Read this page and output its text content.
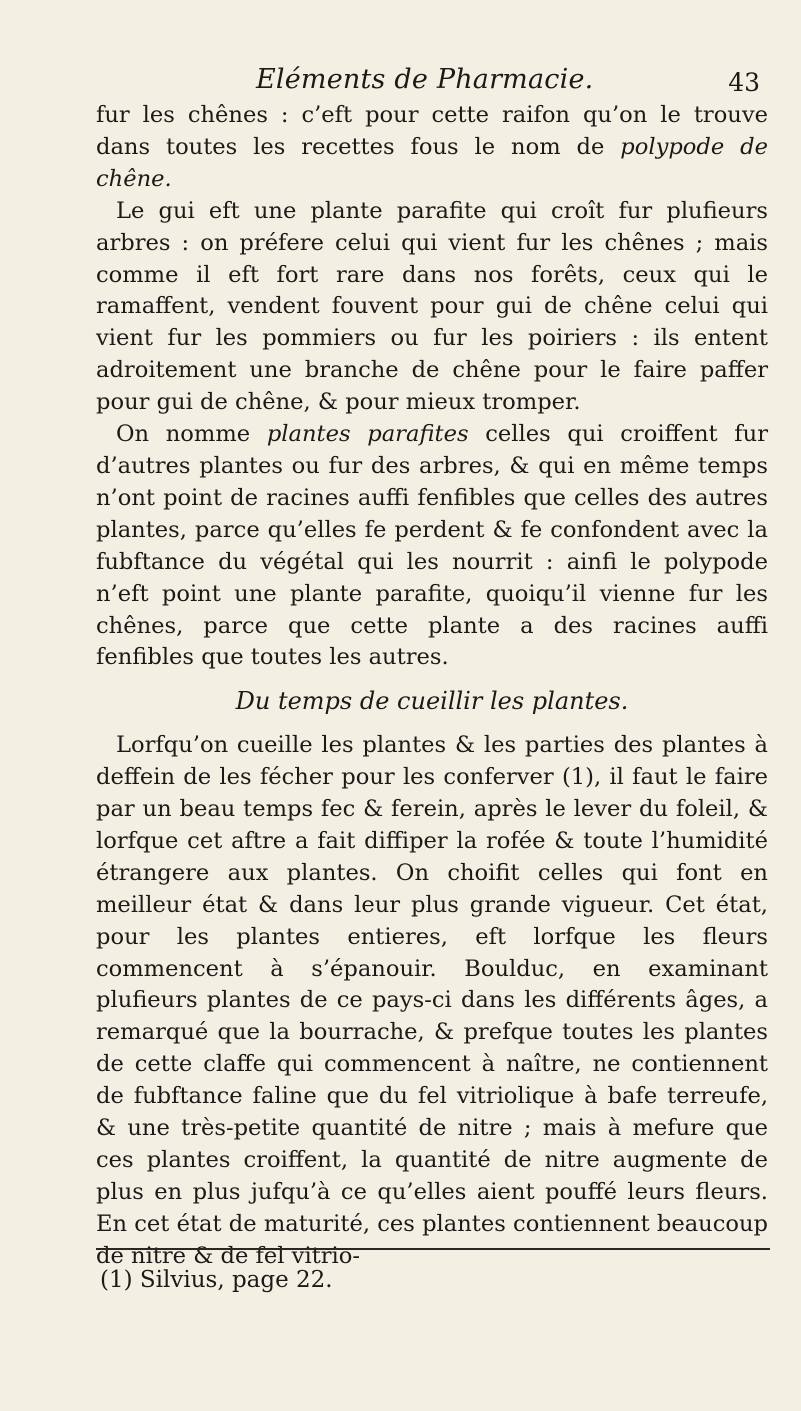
Eléments de Pharmacie.	43

fur les chênes : c’eft pour cette raifon qu’on le trouve dans toutes les recettes fous le nom de polypode de chêne.

Le gui eft une plante parafite qui croît fur plufieurs arbres : on préfere celui qui vient fur les chênes ; mais comme il eft fort rare dans nos forêts, ceux qui le ramaffent, vendent fouvent pour gui de chêne celui qui vient fur les pommiers ou fur les poiriers : ils entent adroitement une branche de chêne pour le faire paffer pour gui de chêne, & pour mieux tromper.

On nomme plantes parafites celles qui croiffent fur d’autres plantes ou fur des arbres, & qui en même temps n’ont point de racines auffi fenfibles que celles des autres plantes, parce qu’elles fe perdent & fe confondent avec la fubftance du végétal qui les nourrit : ainfi le polypode n’eft point une plante parafite, quoiqu’il vienne fur les chênes, parce que cette plante a des racines auffi fenfibles que toutes les autres.

Du temps de cueillir les plantes.

Lorfqu’on cueille les plantes & les parties des plantes à deffein de les fécher pour les conferver (1), il faut le faire par un beau temps fec & ferein, après le lever du foleil, & lorfque cet aftre a fait diffiper la rofée & toute l’humidité étrangere aux plantes. On choifit celles qui font en meilleur état & dans leur plus grande vigueur. Cet état, pour les plantes entieres, eft lorfque les fleurs commencent à s’épanouir. Boulduc, en examinant plufieurs plantes de ce pays-ci dans les différents âges, a remarqué que la bourrache, & prefque toutes les plantes de cette claffe qui commencent à naître, ne contiennent de fubftance faline que du fel vitriolique à bafe terreufe, & une très-petite quantité de nitre ; mais à mefure que ces plantes croiffent, la quantité de nitre augmente de plus en plus jufqu’à ce qu’elles aient pouffé leurs fleurs. En cet état de maturité, ces plantes contiennent beaucoup de nitre & de fel vitrio-

(1) Silvius, page 22.
